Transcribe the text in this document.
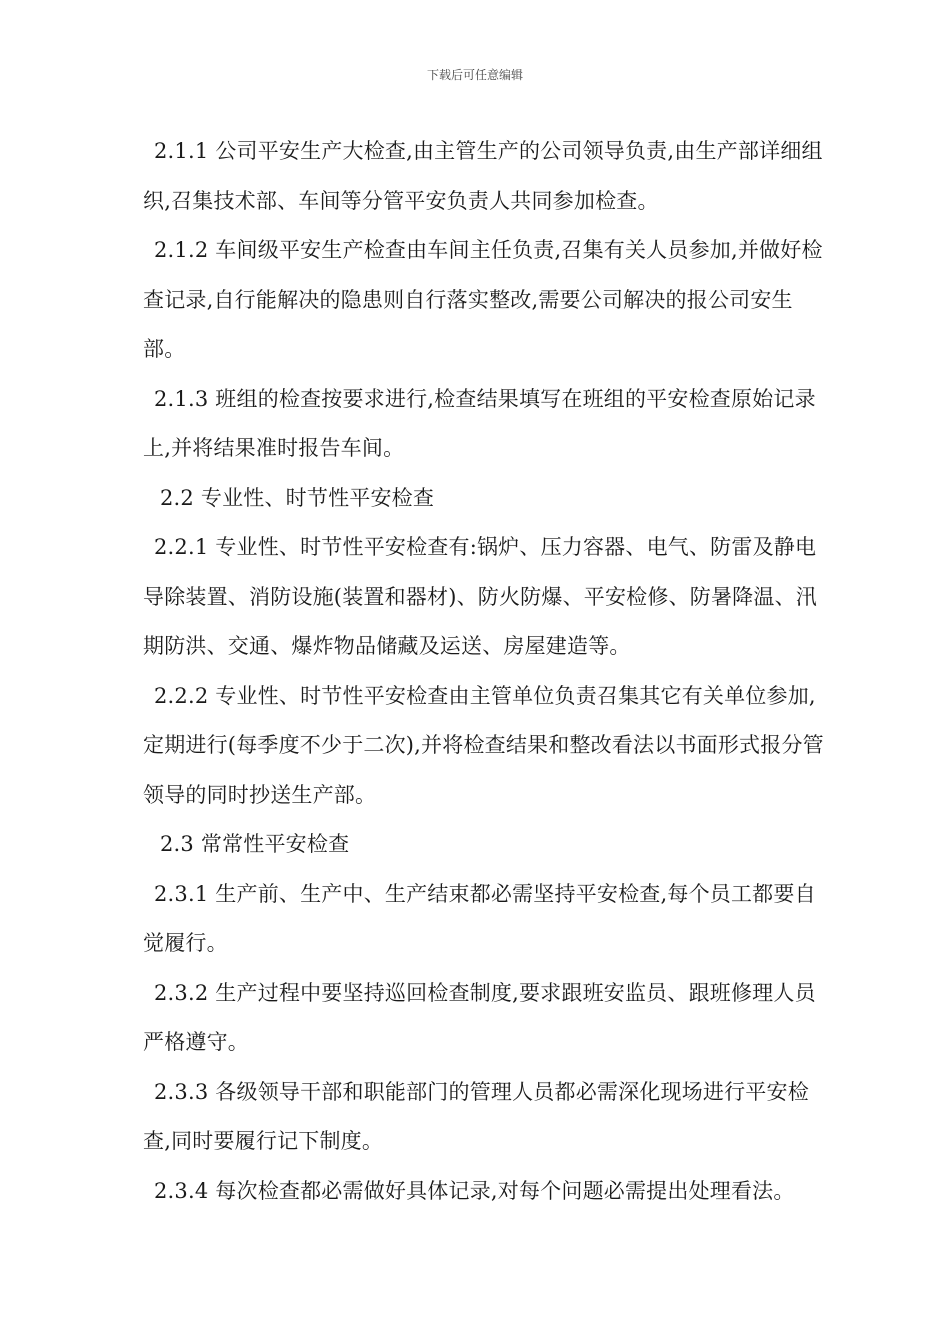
下载后可任意编辑

2.1.1 公司平安生产大检查,由主管生产的公司领导负责,由生产部详细组织,召集技术部、车间等分管平安负责人共同参加检查。

2.1.2 车间级平安生产检查由车间主任负责,召集有关人员参加,并做好检查记录,自行能解决的隐患则自行落实整改,需要公司解决的报公司安生部。

2.1.3 班组的检查按要求进行,检查结果填写在班组的平安检查原始记录上,并将结果准时报告车间。

2.2 专业性、时节性平安检查

2.2.1 专业性、时节性平安检查有:锅炉、压力容器、电气、防雷及静电导除装置、消防设施(装置和器材)、防火防爆、平安检修、防暑降温、汛期防洪、交通、爆炸物品储藏及运送、房屋建造等。

2.2.2 专业性、时节性平安检查由主管单位负责召集其它有关单位参加,定期进行(每季度不少于二次),并将检查结果和整改看法以书面形式报分管领导的同时抄送生产部。

2.3 常常性平安检查

2.3.1 生产前、生产中、生产结束都必需坚持平安检查,每个员工都要自觉履行。

2.3.2 生产过程中要坚持巡回检查制度,要求跟班安监员、跟班修理人员严格遵守。

2.3.3 各级领导干部和职能部门的管理人员都必需深化现场进行平安检查,同时要履行记下制度。

2.3.4 每次检查都必需做好具体记录,对每个问题必需提出处理看法。
